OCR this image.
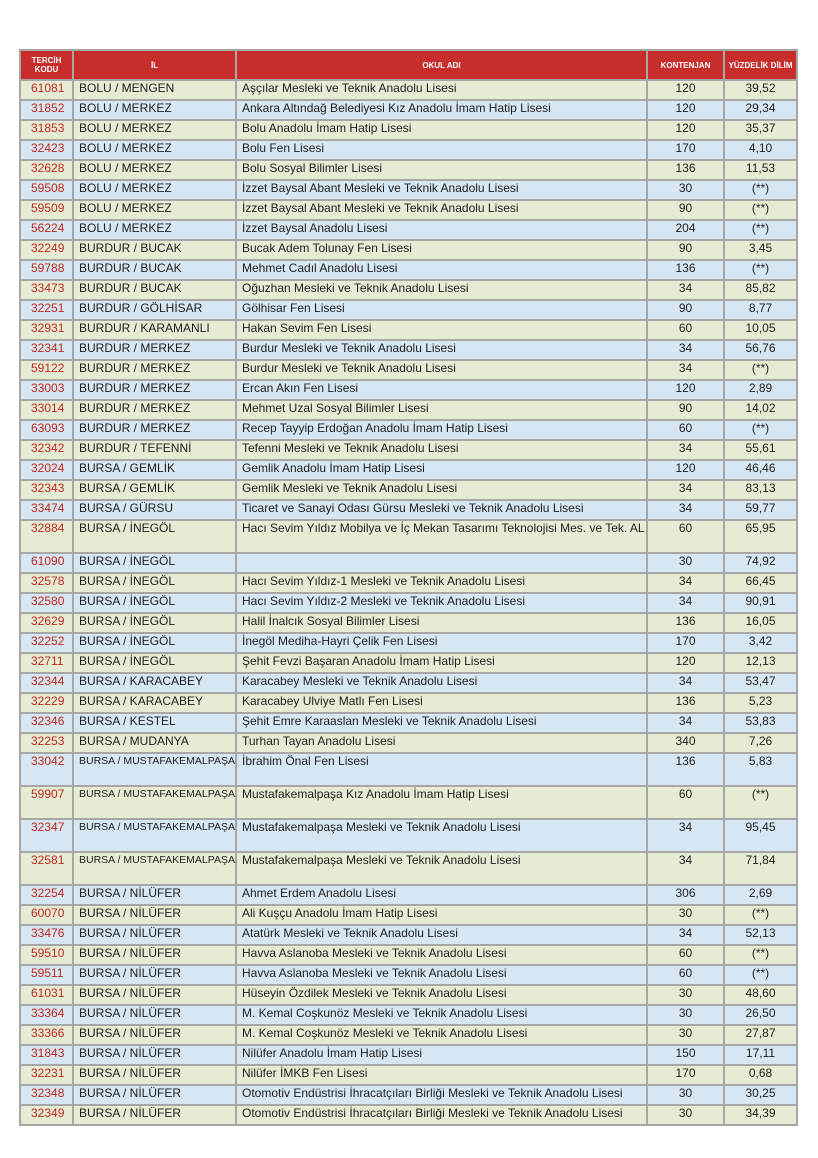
TERCİH KODU	İL	OKUL ADI	KONTENJAN	YÜZDELİK DİLİM
61081	BOLU / MENGEN	Aşçılar Mesleki ve Teknik Anadolu Lisesi	120	39,52
31852	BOLU / MERKEZ	Ankara Altındağ Belediyesi Kız Anadolu İmam Hatip Lisesi	120	29,34
31853	BOLU / MERKEZ	Bolu Anadolu İmam Hatip Lisesi	120	35,37
32423	BOLU / MERKEZ	Bolu Fen Lisesi	170	4,10
32628	BOLU / MERKEZ	Bolu Sosyal Bilimler Lisesi	136	11,53
59508	BOLU / MERKEZ	İzzet Baysal Abant Mesleki ve Teknik Anadolu Lisesi	30	(**)
59509	BOLU / MERKEZ	İzzet Baysal Abant Mesleki ve Teknik Anadolu Lisesi	90	(**)
56224	BOLU / MERKEZ	İzzet Baysal Anadolu Lisesi	204	(**)
32249	BURDUR / BUCAK	Bucak Adem Tolunay Fen Lisesi	90	3,45
59788	BURDUR / BUCAK	Mehmet Cadıl Anadolu Lisesi	136	(**)
33473	BURDUR / BUCAK	Oğuzhan Mesleki ve Teknik Anadolu Lisesi	34	85,82
32251	BURDUR / GÖLHİSAR	Gölhisar Fen Lisesi	90	8,77
32931	BURDUR / KARAMANLI	Hakan Sevim Fen Lisesi	60	10,05
32341	BURDUR / MERKEZ	Burdur Mesleki ve Teknik Anadolu Lisesi	34	56,76
59122	BURDUR / MERKEZ	Burdur Mesleki ve Teknik Anadolu Lisesi	34	(**)
33003	BURDUR / MERKEZ	Ercan Akın Fen Lisesi	120	2,89
33014	BURDUR / MERKEZ	Mehmet Uzal Sosyal Bilimler Lisesi	90	14,02
63093	BURDUR / MERKEZ	Recep Tayyip Erdoğan Anadolu İmam Hatip Lisesi	60	(**)
32342	BURDUR / TEFENNİ	Tefenni Mesleki ve Teknik Anadolu Lisesi	34	55,61
32024	BURSA / GEMLİK	Gemlik Anadolu İmam Hatip Lisesi	120	46,46
32343	BURSA / GEMLİK	Gemlik Mesleki ve Teknik Anadolu Lisesi	34	83,13
33474	BURSA / GÜRSU	Ticaret ve Sanayi Odası Gürsu Mesleki ve Teknik Anadolu Lisesi	34	59,77
32884	BURSA / İNEGÖL	Hacı Sevim Yıldız Mobilya ve İç Mekan Tasarımı Teknolojisi Mes. ve Tek. AL	60	65,95
61090	BURSA / İNEGÖL		30	74,92
32578	BURSA / İNEGÖL	Hacı Sevim Yıldız-1 Mesleki ve Teknik Anadolu Lisesi	34	66,45
32580	BURSA / İNEGÖL	Hacı Sevim Yıldız-2 Mesleki ve Teknik Anadolu Lisesi	34	90,91
32629	BURSA / İNEGÖL	Halil İnalcık Sosyal Bilimler Lisesi	136	16,05
32252	BURSA / İNEGÖL	İnegöl Mediha-Hayri Çelik Fen Lisesi	170	3,42
32711	BURSA / İNEGÖL	Şehit Fevzi Başaran Anadolu İmam Hatip Lisesi	120	12,13
32344	BURSA / KARACABEY	Karacabey Mesleki ve Teknik Anadolu Lisesi	34	53,47
32229	BURSA / KARACABEY	Karacabey Ulviye Matlı Fen Lisesi	136	5,23
32346	BURSA / KESTEL	Şehit Emre Karaaslan Mesleki ve Teknik Anadolu Lisesi	34	53,83
32253	BURSA / MUDANYA	Turhan Tayan Anadolu Lisesi	340	7,26
33042	BURSA / MUSTAFAKEMALPAŞA	İbrahim Önal Fen Lisesi	136	5,83
59907	BURSA / MUSTAFAKEMALPAŞA	Mustafakemalpaşa Kız Anadolu İmam Hatip Lisesi	60	(**)
32347	BURSA / MUSTAFAKEMALPAŞA	Mustafakemalpaşa Mesleki ve Teknik Anadolu Lisesi	34	95,45
32581	BURSA / MUSTAFAKEMALPAŞA	Mustafakemalpaşa Mesleki ve Teknik Anadolu Lisesi	34	71,84
32254	BURSA / NİLÜFER	Ahmet Erdem Anadolu Lisesi	306	2,69
60070	BURSA / NİLÜFER	Ali Kuşçu Anadolu İmam Hatip Lisesi	30	(**)
33476	BURSA / NİLÜFER	Atatürk Mesleki ve Teknik Anadolu Lisesi	34	52,13
59510	BURSA / NİLÜFER	Havva Aslanoba Mesleki ve Teknik Anadolu Lisesi	60	(**)
59511	BURSA / NİLÜFER	Havva Aslanoba Mesleki ve Teknik Anadolu Lisesi	60	(**)
61031	BURSA / NİLÜFER	Hüseyin Özdilek Mesleki ve Teknik Anadolu Lisesi	30	48,60
33364	BURSA / NİLÜFER	M. Kemal Coşkunöz Mesleki ve Teknik Anadolu Lisesi	30	26,50
33366	BURSA / NİLÜFER	M. Kemal Coşkunöz Mesleki ve Teknik Anadolu Lisesi	30	27,87
31843	BURSA / NİLÜFER	Nilüfer Anadolu İmam Hatip Lisesi	150	17,11
32231	BURSA / NİLÜFER	Nilüfer İMKB Fen Lisesi	170	0,68
32348	BURSA / NİLÜFER	Otomotiv Endüstrisi İhracatçıları Birliği Mesleki ve Teknik Anadolu Lisesi	30	30,25
32349	BURSA / NİLÜFER	Otomotiv Endüstrisi İhracatçıları Birliği Mesleki ve Teknik Anadolu Lisesi	30	34,39
